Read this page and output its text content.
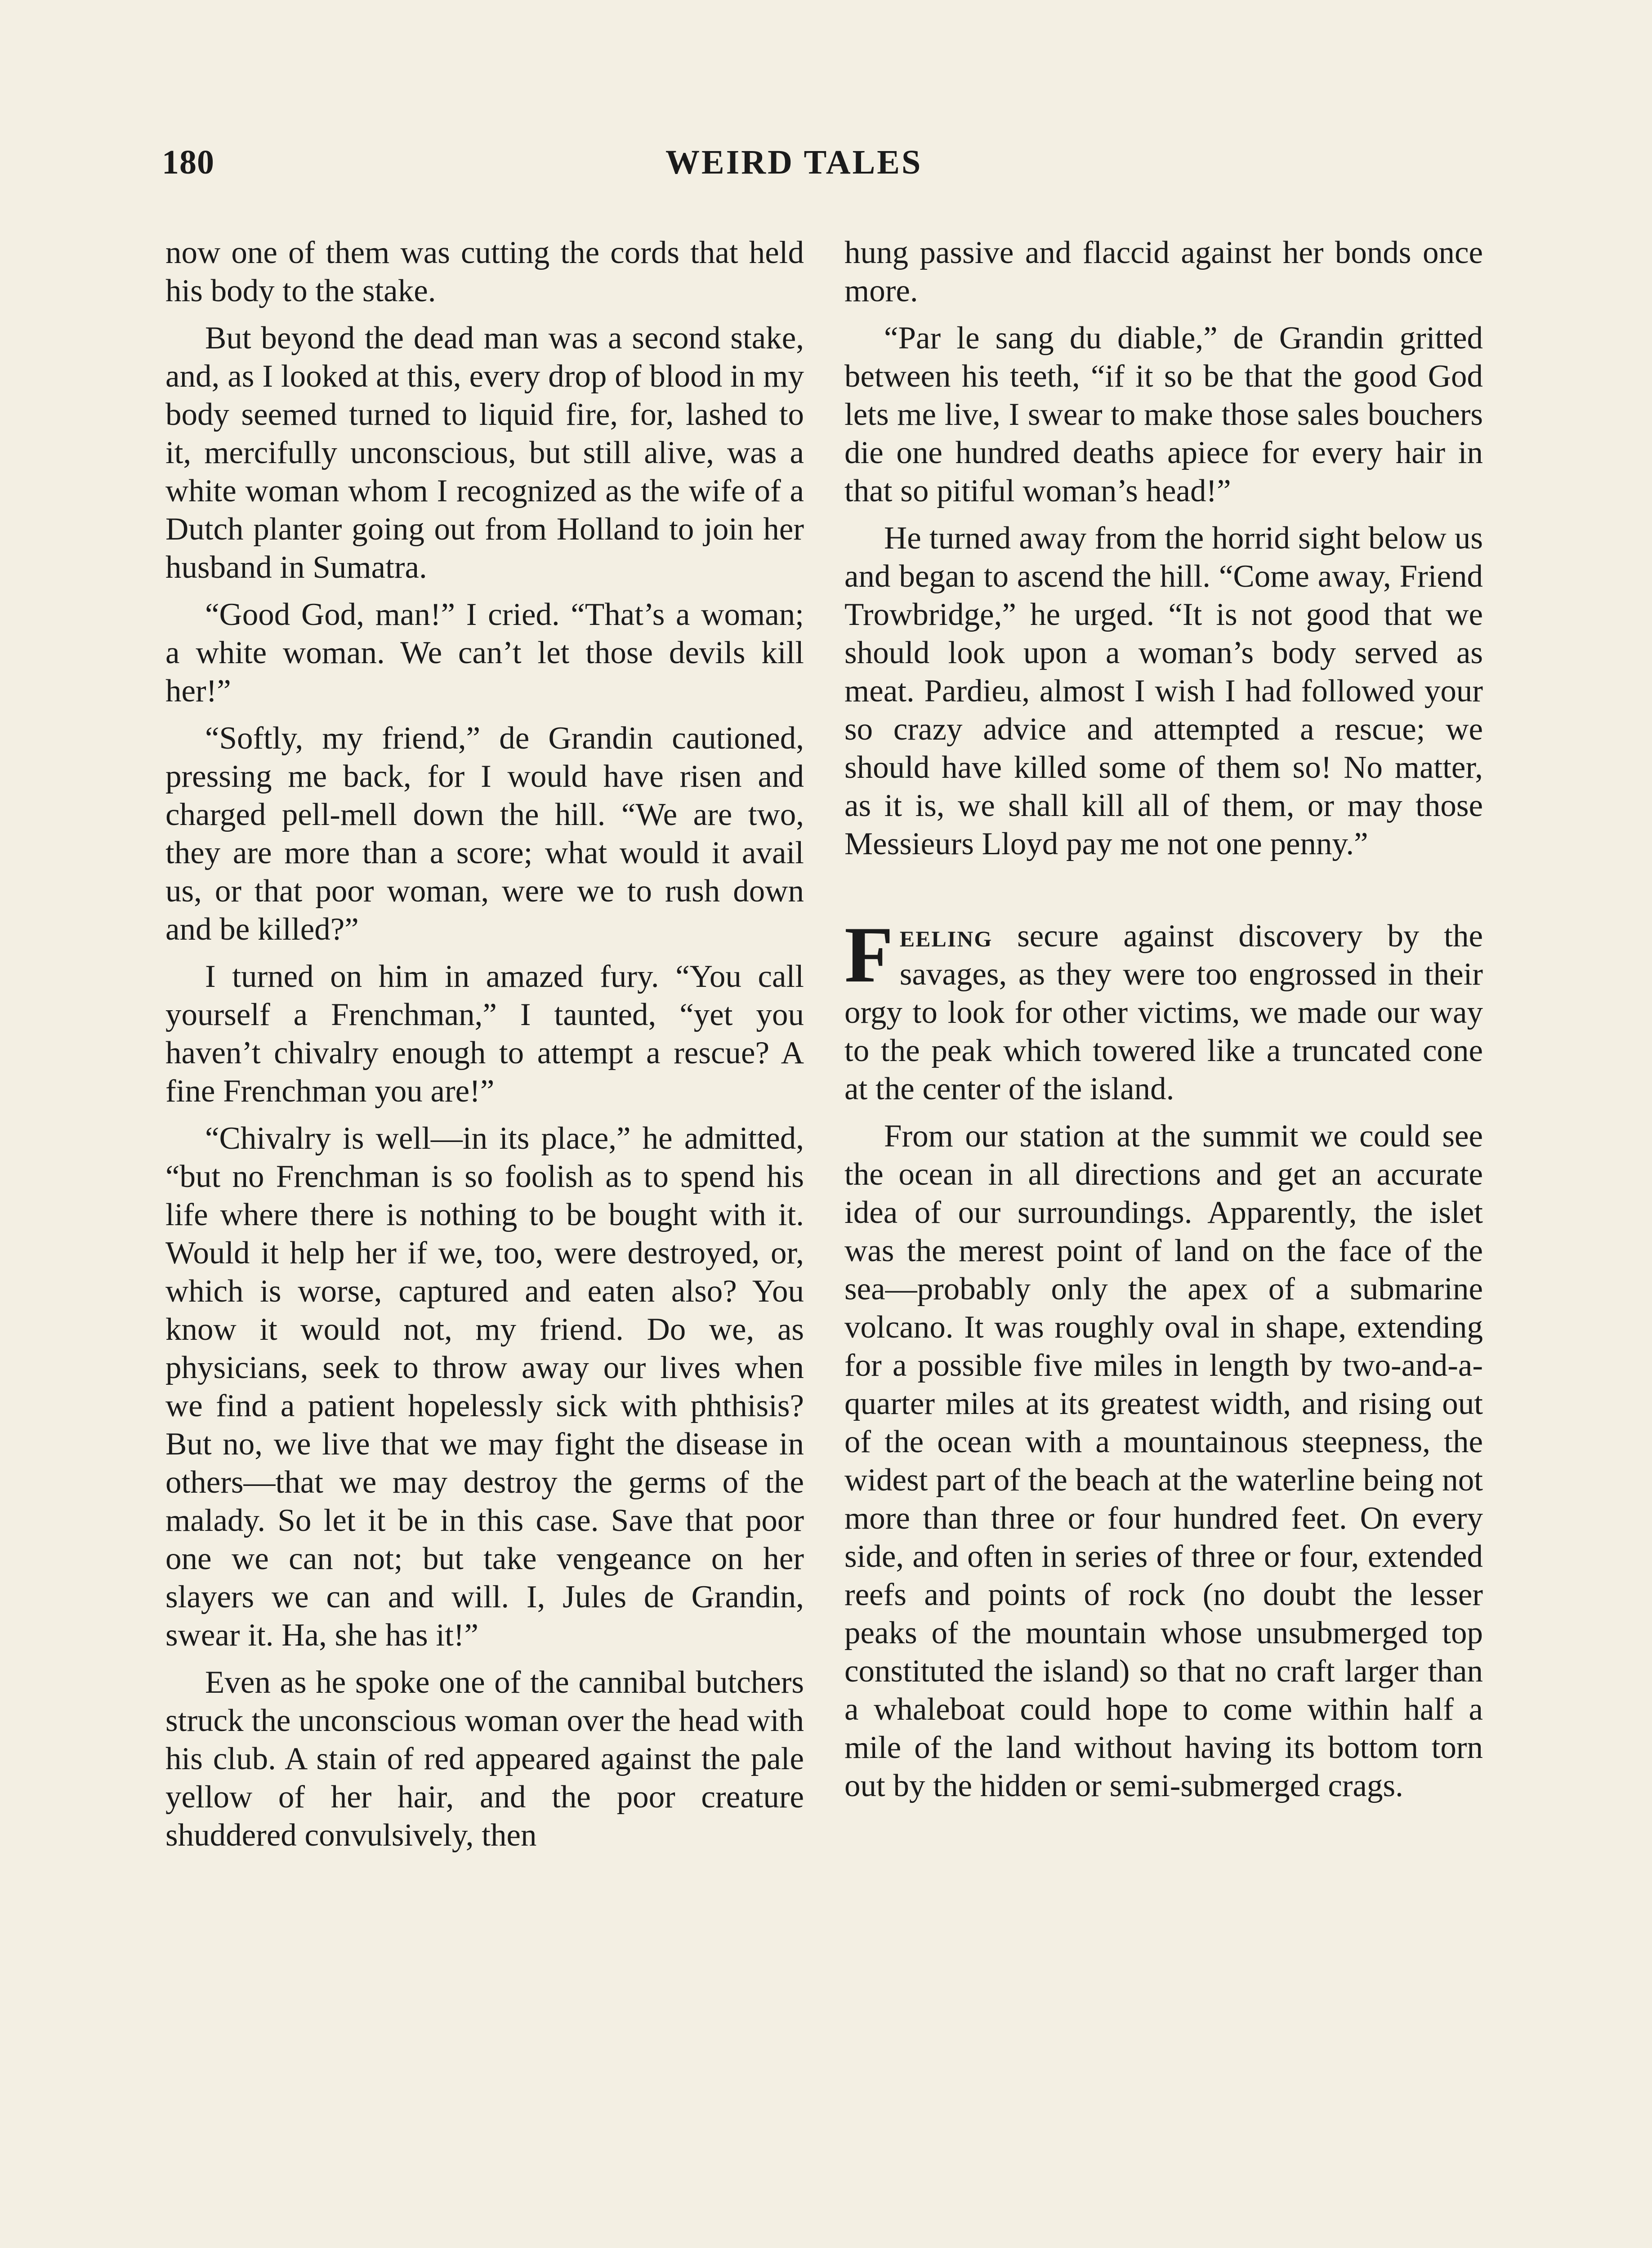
180	WEIRD TALES

now one of them was cutting the cords that held his body to the stake.

But beyond the dead man was a second stake, and, as I looked at this, every drop of blood in my body seemed turned to liquid fire, for, lashed to it, mercifully unconscious, but still alive, was a white woman whom I recognized as the wife of a Dutch planter going out from Holland to join her husband in Sumatra.

“Good God, man!” I cried. “That’s a woman; a white woman. We can’t let those devils kill her!”

“Softly, my friend,” de Grandin cautioned, pressing me back, for I would have risen and charged pell-mell down the hill. “We are two, they are more than a score; what would it avail us, or that poor woman, were we to rush down and be killed?”

I turned on him in amazed fury. “You call yourself a Frenchman,” I taunted, “yet you haven’t chivalry enough to attempt a rescue? A fine Frenchman you are!”

“Chivalry is well—in its place,” he admitted, “but no Frenchman is so foolish as to spend his life where there is nothing to be bought with it. Would it help her if we, too, were destroyed, or, which is worse, captured and eaten also? You know it would not, my friend. Do we, as physicians, seek to throw away our lives when we find a patient hopelessly sick with phthisis? But no, we live that we may fight the disease in others—that we may destroy the germs of the malady. So let it be in this case. Save that poor one we can not; but take vengeance on her slayers we can and will. I, Jules de Grandin, swear it. Ha, she has it!”

Even as he spoke one of the cannibal butchers struck the unconscious woman over the head with his club. A stain of red appeared against the pale yellow of her hair, and the poor creature shuddered convulsively, then

hung passive and flaccid against her bonds once more.

“Par le sang du diable,” de Grandin gritted between his teeth, “if it so be that the good God lets me live, I swear to make those sales bouchers die one hundred deaths apiece for every hair in that so pitiful woman’s head!”

He turned away from the horrid sight below us and began to ascend the hill. “Come away, Friend Trowbridge,” he urged. “It is not good that we should look upon a woman’s body served as meat. Pardieu, almost I wish I had followed your so crazy advice and attempted a rescue; we should have killed some of them so! No matter, as it is, we shall kill all of them, or may those Messieurs Lloyd pay me not one penny.”

Feeling secure against discovery by the savages, as they were too engrossed in their orgy to look for other victims, we made our way to the peak which towered like a truncated cone at the center of the island.

From our station at the summit we could see the ocean in all directions and get an accurate idea of our surroundings. Apparently, the islet was the merest point of land on the face of the sea—probably only the apex of a submarine volcano. It was roughly oval in shape, extending for a possible five miles in length by two-and-a-quarter miles at its greatest width, and rising out of the ocean with a mountainous steepness, the widest part of the beach at the waterline being not more than three or four hundred feet. On every side, and often in series of three or four, extended reefs and points of rock (no doubt the lesser peaks of the mountain whose unsubmerged top constituted the island) so that no craft larger than a whaleboat could hope to come within half a mile of the land without having its bottom torn out by the hidden or semi-submerged crags.
